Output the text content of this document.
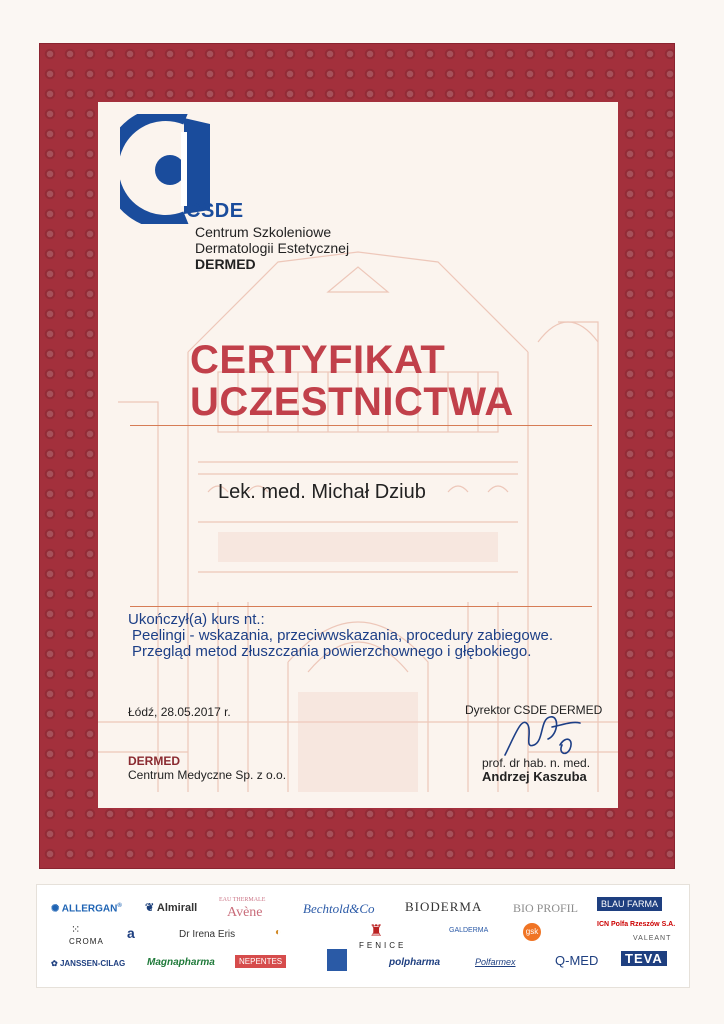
CSDE
Centrum Szkoleniowe
Dermatologii Estetycznej
DERMED
CERTYFIKAT
UCZESTNICTWA
Lek. med. Michał Dziub
Ukończył(a) kurs nt.:
Peelingi - wskazania, przeciwwskazania, procedury zabiegowe.
Przegląd metod złuszczania powierzchownego i głębokiego.
Łódź, 28.05.2017 r.
DERMED
Centrum Medyczne Sp. z o.o.
Dyrektor CSDE DERMED
prof. dr hab. n. med.
Andrzej Kaszuba
✺ ALLERGAN® ❦ Almirall
EAU THERMALE
Avène	Bechtold&Co BIODERMA	BIO PROFIL	BLAU FARMA
⁙
CROMA
a	Dr Irena Eris	◐	♜
FENICE
GALDERMA	gsk
ICN Polfa Rzeszów S.A.
VALEANT
✿ JANSSEN-CILAG Magnapharma	NEPENTES	polpharma	Polfarmex	Q-MED	TEVA
